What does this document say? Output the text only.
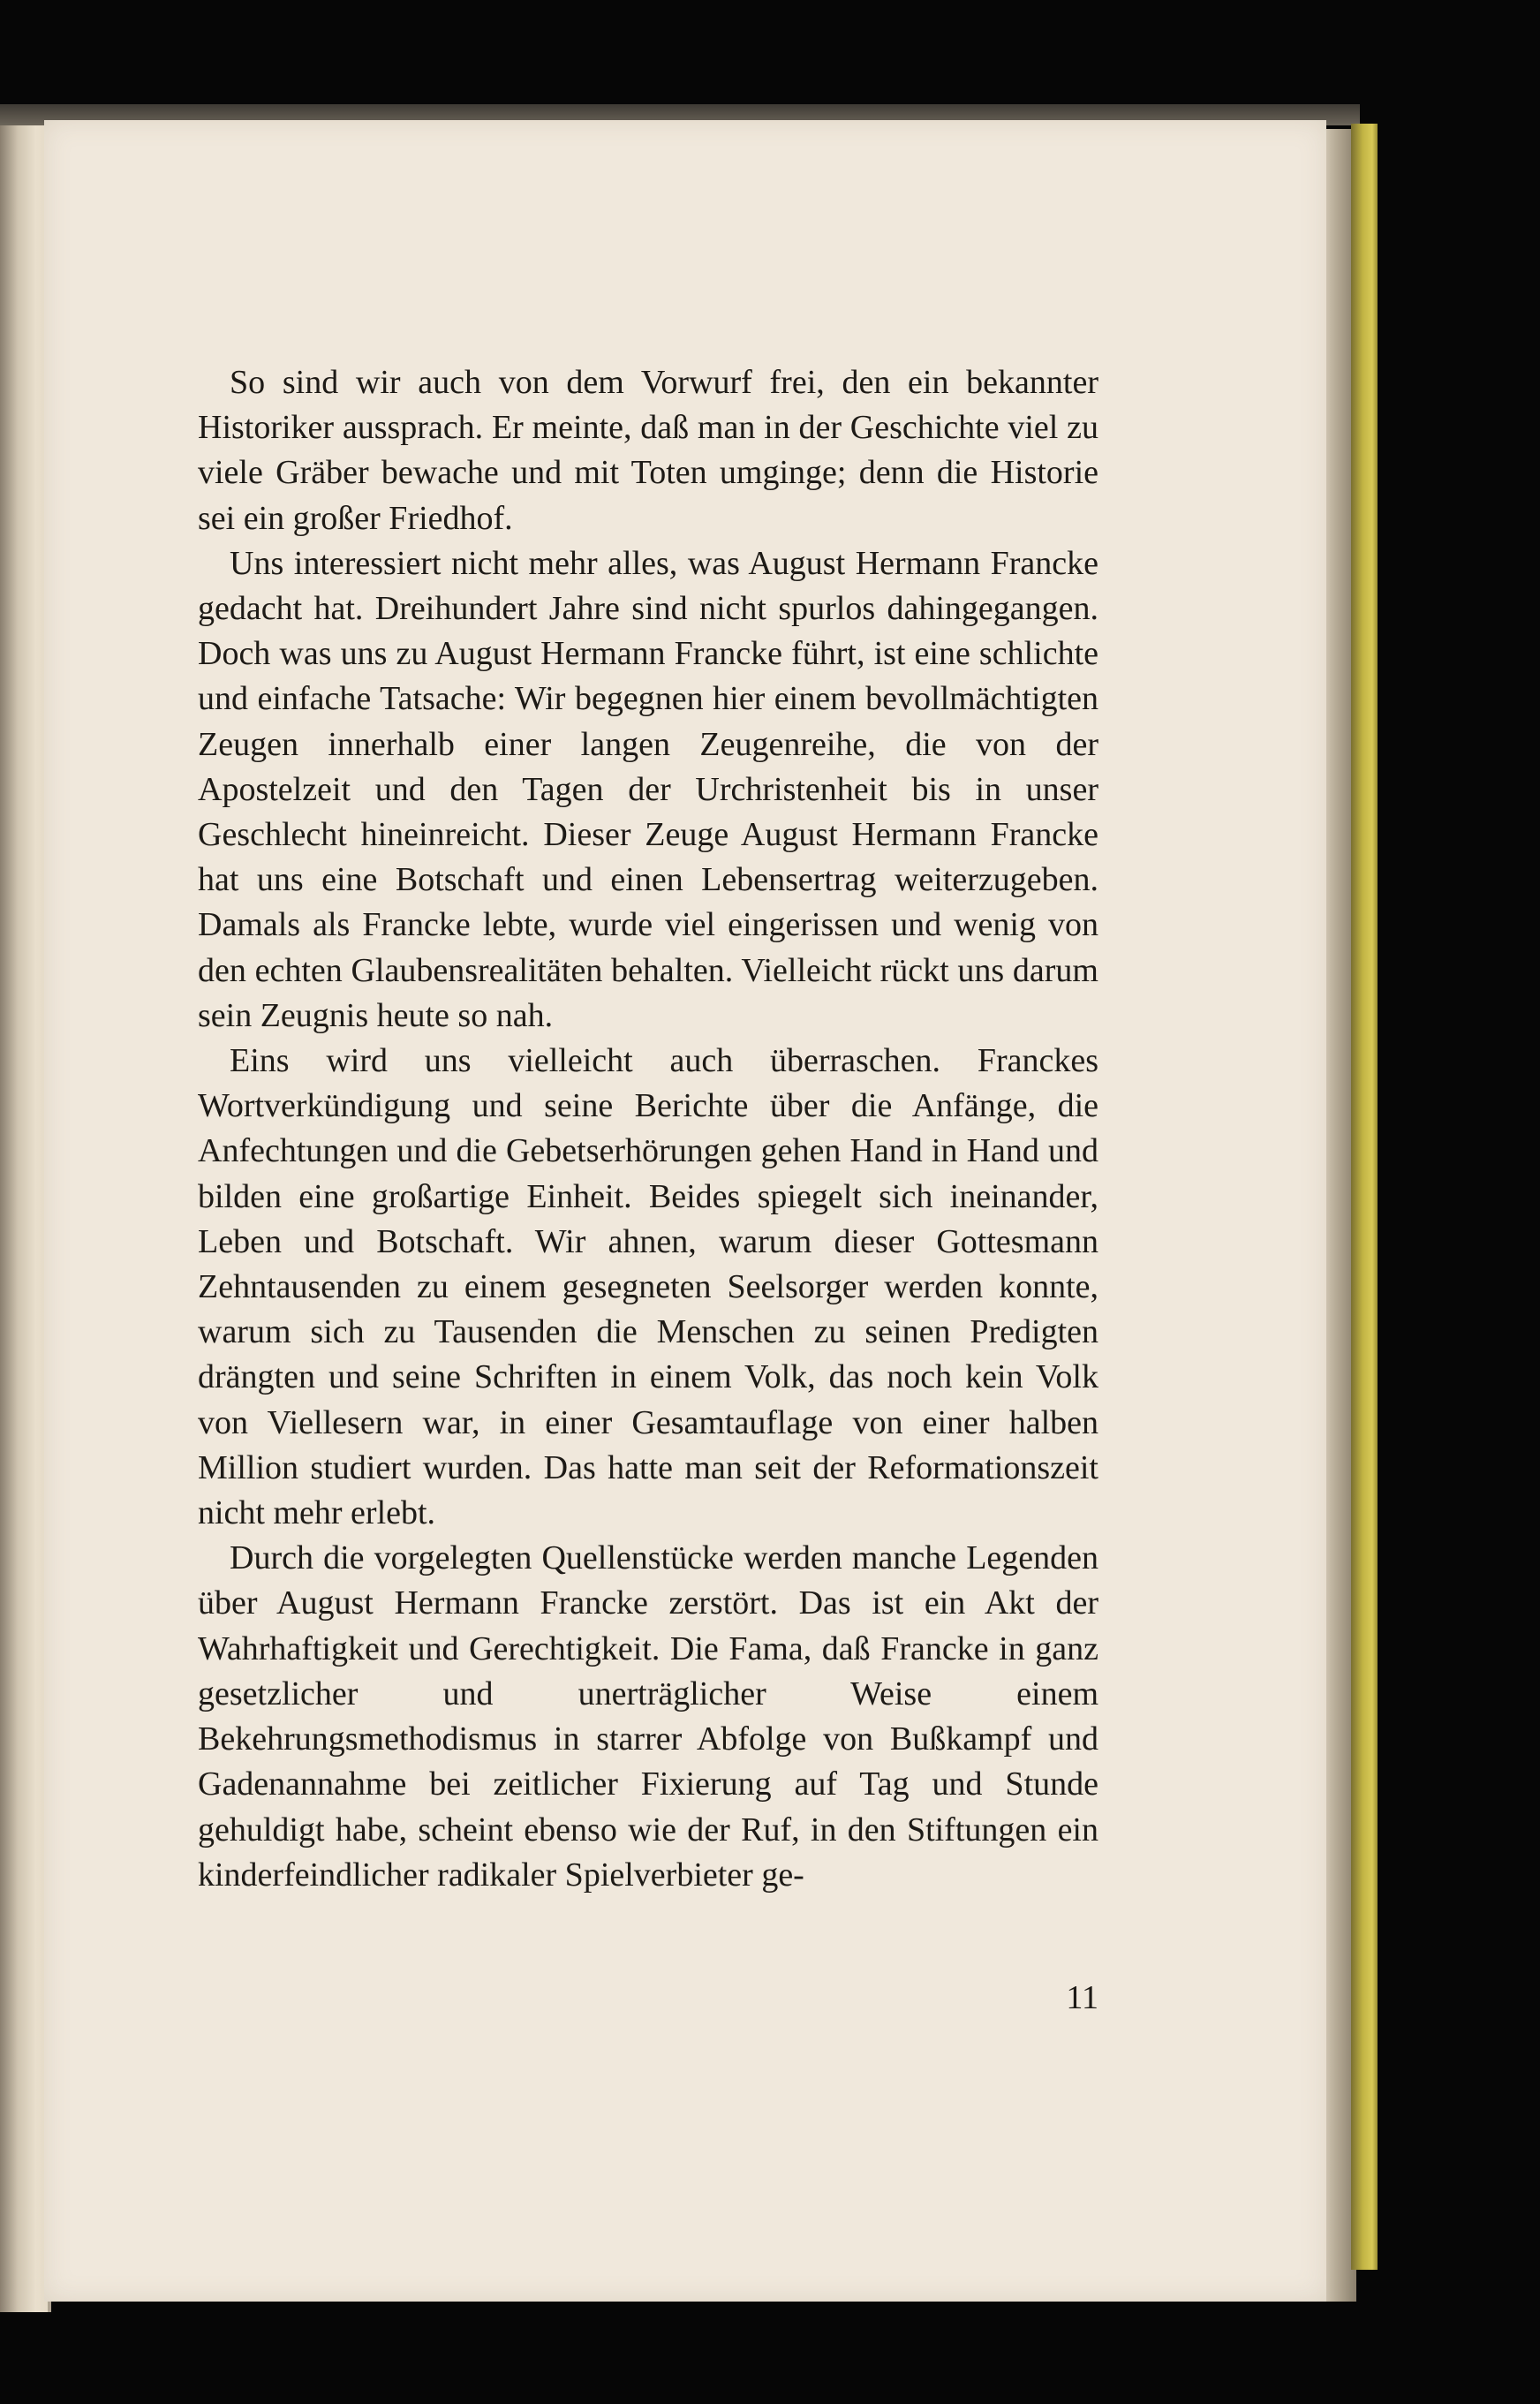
So sind wir auch von dem Vorwurf frei, den ein bekannter Historiker aussprach. Er meinte, daß man in der Geschichte viel zu viele Gräber bewache und mit Toten umginge; denn die Historie sei ein großer Friedhof.

Uns interessiert nicht mehr alles, was August Hermann Francke gedacht hat. Dreihundert Jahre sind nicht spurlos dahingegangen. Doch was uns zu August Hermann Francke führt, ist eine schlichte und einfache Tatsache: Wir begegnen hier einem bevollmächtigten Zeugen innerhalb einer langen Zeugenreihe, die von der Apostelzeit und den Tagen der Urchristenheit bis in unser Geschlecht hineinreicht. Dieser Zeuge August Hermann Francke hat uns eine Botschaft und einen Lebensertrag weiterzugeben. Damals als Francke lebte, wurde viel eingerissen und wenig von den echten Glaubensrealitäten behalten. Vielleicht rückt uns darum sein Zeugnis heute so nah.

Eins wird uns vielleicht auch überraschen. Franckes Wortverkündigung und seine Berichte über die Anfänge, die Anfechtungen und die Gebetserhörungen gehen Hand in Hand und bilden eine großartige Einheit. Beides spiegelt sich ineinander, Leben und Botschaft. Wir ahnen, warum dieser Gottesmann Zehntausenden zu einem gesegneten Seelsorger werden konnte, warum sich zu Tausenden die Menschen zu seinen Predigten drängten und seine Schriften in einem Volk, das noch kein Volk von Viellesern war, in einer Gesamtauflage von einer halben Million studiert wurden. Das hatte man seit der Reformationszeit nicht mehr erlebt.

Durch die vorgelegten Quellenstücke werden manche Legenden über August Hermann Francke zerstört. Das ist ein Akt der Wahrhaftigkeit und Gerechtigkeit. Die Fama, daß Francke in ganz gesetzlicher und unerträglicher Weise einem Bekehrungsmethodismus in starrer Abfolge von Bußkampf und Gadenannahme bei zeitlicher Fixierung auf Tag und Stunde gehuldigt habe, scheint ebenso wie der Ruf, in den Stiftungen ein kinderfeindlicher radikaler Spielverbieter ge-

11
